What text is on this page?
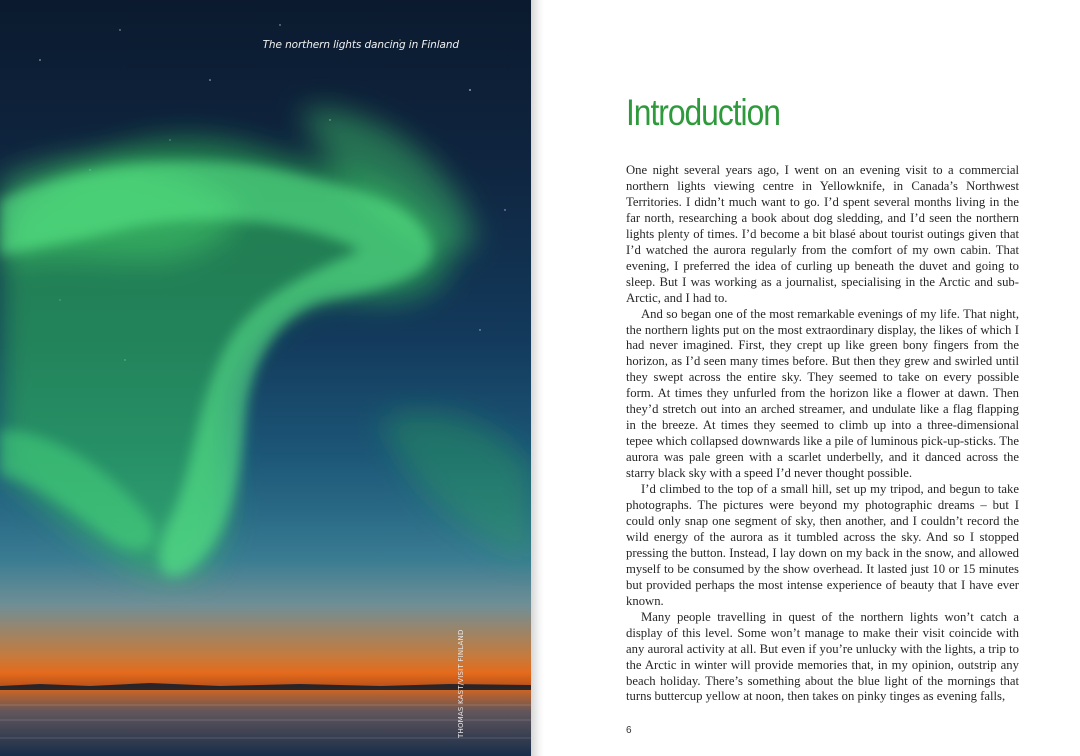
The northern lights dancing in Finland
THOMAS KAST/VISIT FINLAND
Introduction

One night several years ago, I went on an evening visit to a commercial northern lights viewing centre in Yellowknife, in Canada’s Northwest Territories. I didn’t much want to go. I’d spent several months living in the far north, researching a book about dog sledding, and I’d seen the northern lights plenty of times. I’d become a bit blasé about tourist outings given that I’d watched the aurora regularly from the comfort of my own cabin. That evening, I preferred the idea of curling up beneath the duvet and going to sleep. But I was working as a journalist, specialising in the Arctic and sub-Arctic, and I had to.

And so began one of the most remarkable evenings of my life. That night, the northern lights put on the most extraordinary display, the likes of which I had never imagined. First, they crept up like green bony fingers from the horizon, as I’d seen many times before. But then they grew and swirled until they swept across the entire sky. They seemed to take on every possible form. At times they unfurled from the horizon like a flower at dawn. Then they’d stretch out into an arched streamer, and undulate like a flag flapping in the breeze. At times they seemed to climb up into a three-dimensional tepee which collapsed downwards like a pile of luminous pick-up-sticks. The aurora was pale green with a scarlet underbelly, and it danced across the starry black sky with a speed I’d never thought possible.

I’d climbed to the top of a small hill, set up my tripod, and begun to take photographs. The pictures were beyond my photographic dreams – but I could only snap one segment of sky, then another, and I couldn’t record the wild energy of the aurora as it tumbled across the sky. And so I stopped pressing the button. Instead, I lay down on my back in the snow, and allowed myself to be consumed by the show overhead. It lasted just 10 or 15 minutes but provided perhaps the most intense experience of beauty that I have ever known.

Many people travelling in quest of the northern lights won’t catch a display of this level. Some won’t manage to make their visit coincide with any auroral activity at all. But even if you’re unlucky with the lights, a trip to the Arctic in winter will provide memories that, in my opinion, outstrip any beach holiday. There’s something about the blue light of the mornings that turns buttercup yellow at noon, then takes on pinky tinges as evening falls,

6
